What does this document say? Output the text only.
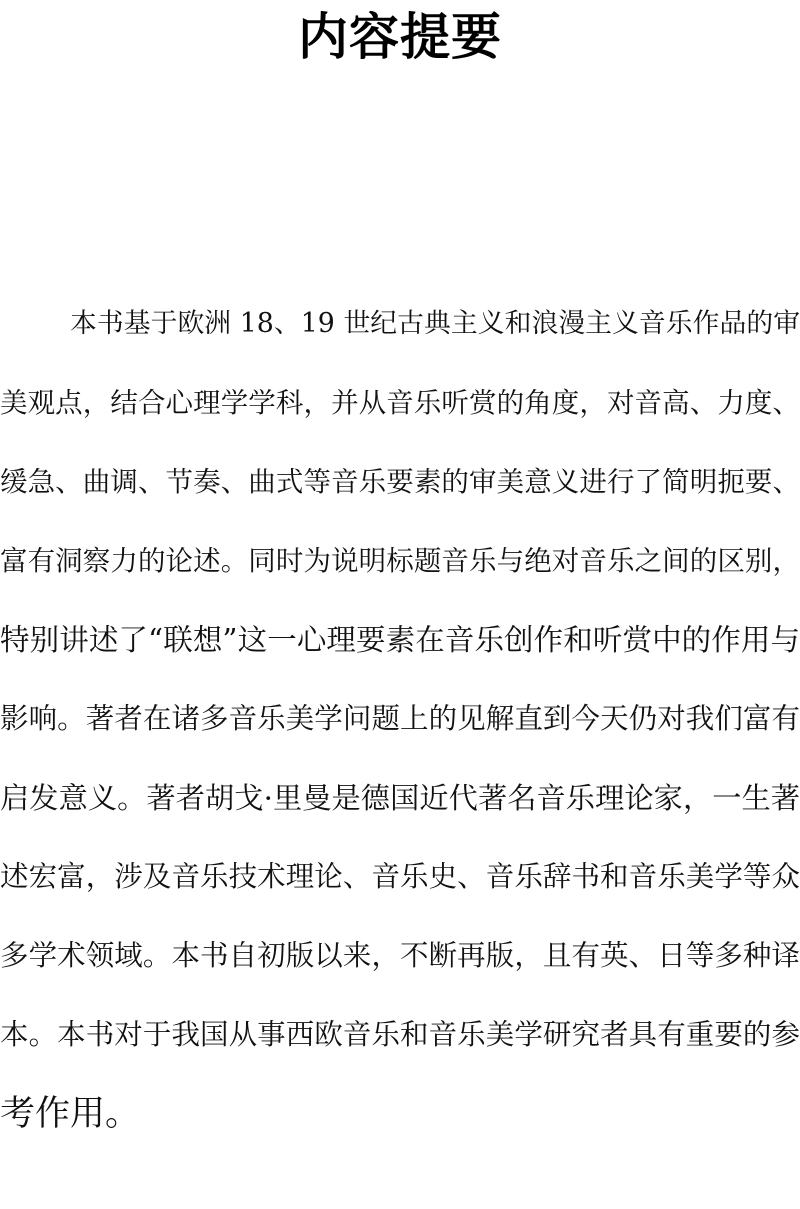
内容提要
本书基于欧洲 18、19 世纪古典主义和浪漫主义音乐作品的审
美观点，结合心理学学科，并从音乐听赏的角度，对音高、力度、
缓急、曲调、节奏、曲式等音乐要素的审美意义进行了简明扼要、
富有洞察力的论述。同时为说明标题音乐与绝对音乐之间的区别，
特别讲述了“联想”这一心理要素在音乐创作和听赏中的作用与
影响。著者在诸多音乐美学问题上的见解直到今天仍对我们富有
启发意义。著者胡戈·里曼是德国近代著名音乐理论家，一生著
述宏富，涉及音乐技术理论、音乐史、音乐辞书和音乐美学等众
多学术领域。本书自初版以来，不断再版，且有英、日等多种译
本。本书对于我国从事西欧音乐和音乐美学研究者具有重要的参
考作用。
